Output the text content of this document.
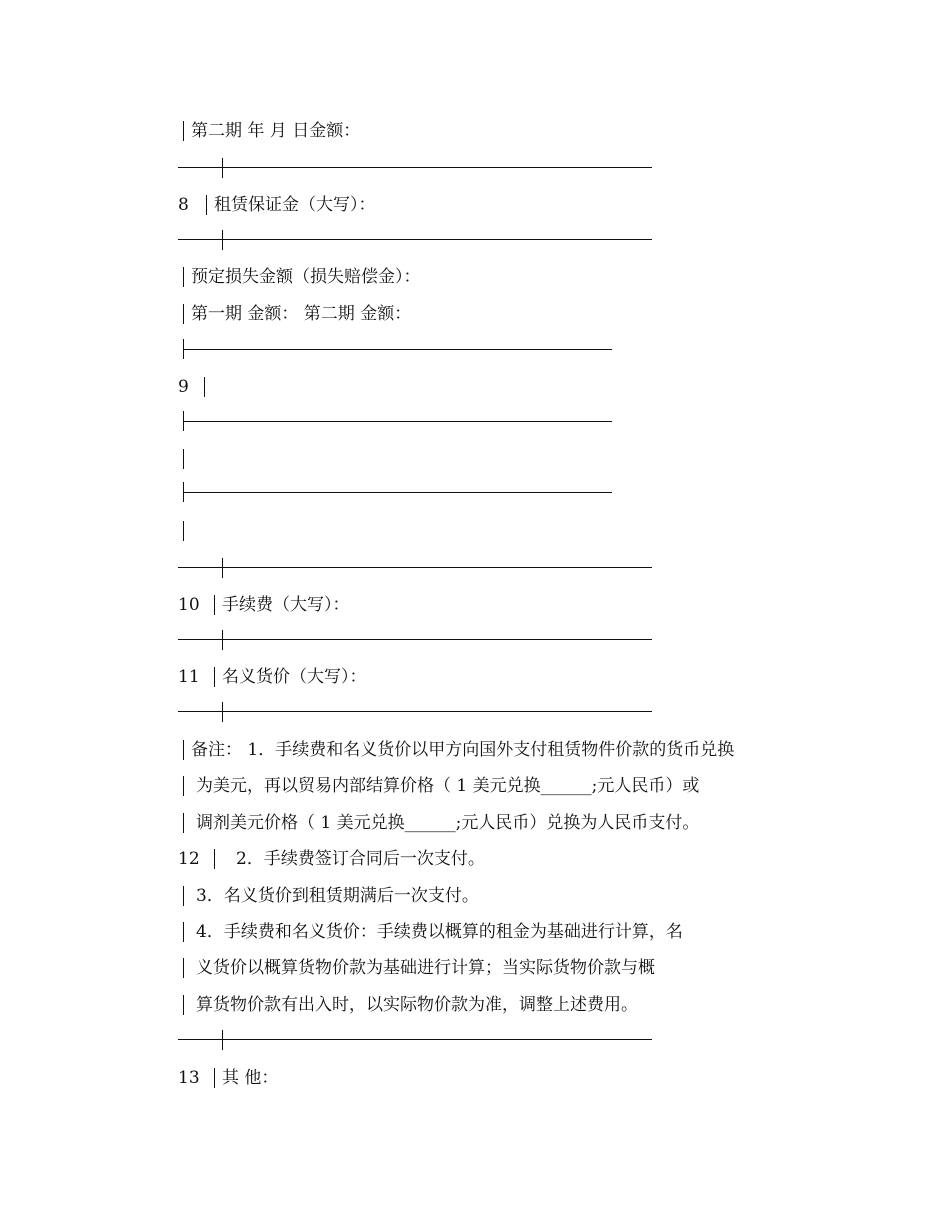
第二期 年 月 日金额：
8 租赁保证金（大写）：
预定损失金额（损失赔偿金）：
第一期 金额： 第二期 金额：
9
10 手续费（大写）：
11 名义货价（大写）：
备注： 1．手续费和名义货价以甲方向国外支付租赁物件价款的货币兑换
为美元，再以贸易内部结算价格（ 1 美元兑换______;元人民币）或
调剂美元价格（ 1 美元兑换______;元人民币）兑换为人民币支付。
12 2．手续费签订合同后一次支付。
3．名义货价到租赁期满后一次支付。
4．手续费和名义货价：手续费以概算的租金为基础进行计算，名
义货价以概算货物价款为基础进行计算；当实际货物价款与概
算货物价款有出入时，以实际物价款为准，调整上述费用。
13 其 他：
